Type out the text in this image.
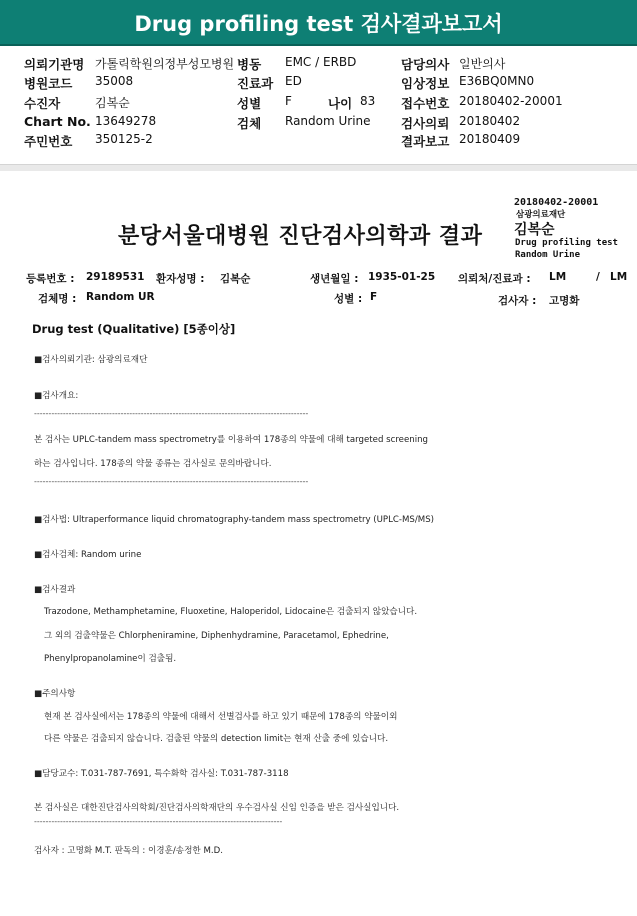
Drug profiling test 검사결과보고서
의뢰기관명 가톨릭학원의정부성모병원
병원코드 35008
수진자	김복순
Chart No. 13649278
주민번호 350125-2
병동 EMC / ERBD
진료과 ED
성별 F	나이 83
검체 Random Urine
담당의사 일반의사
임상정보 E36BQ0MN0
접수번호 20180402-20001
검사의뢰 20180402
결과보고 20180409
20180402-20001
삼광의료재단
김복순
Drug profiling test
Random Urine
분당서울대병원 진단검사의학과 결과
등록번호 : 29189531 환자성명 : 김복순	생년월일 : 1935-01-25 의뢰처/진료과 : LM	/ LM
검체명 : Random UR	성별 : F	검사자 : 고명화
Drug test (Qualitative) [5종이상]
■검사의뢰기관: 삼광의료재단
■검사개요:
-----------------------------------------------------------------------------------------------
본 검사는 UPLC-tandem mass spectrometry를 이용하여 178종의 약물에 대해 targeted screening
하는 검사입니다. 178종의 약물 종류는 검사실로 문의바랍니다.
-----------------------------------------------------------------------------------------------
■검사법: Ultraperformance liquid chromatography-tandem mass spectrometry (UPLC-MS/MS)
■검사검체: Random urine
■검사결과
Trazodone, Methamphetamine, Fluoxetine, Haloperidol, Lidocaine은 검출되지 않았습니다.
그 외의 검출약물은 Chlorpheniramine, Diphenhydramine, Paracetamol, Ephedrine,
Phenylpropanolamine이 검출됨.
■주의사항
현재 본 검사실에서는 178종의 약물에 대해서 선별검사를 하고 있기 때문에 178종의 약물이외
다른 약물은 검출되지 않습니다. 검출된 약물의 detection limit는 현재 산출 중에 있습니다.
■담당교수: T.031-787-7691, 특수화학 검사실: T.031-787-3118
본 검사실은 대한진단검사의학회/진단검사의학재단의 우수검사실 신임 인증을 받은 검사실입니다.
--------------------------------------------------------------------------------------
검사자 : 고명화 M.T. 판독의 : 이경훈/송정한 M.D.
